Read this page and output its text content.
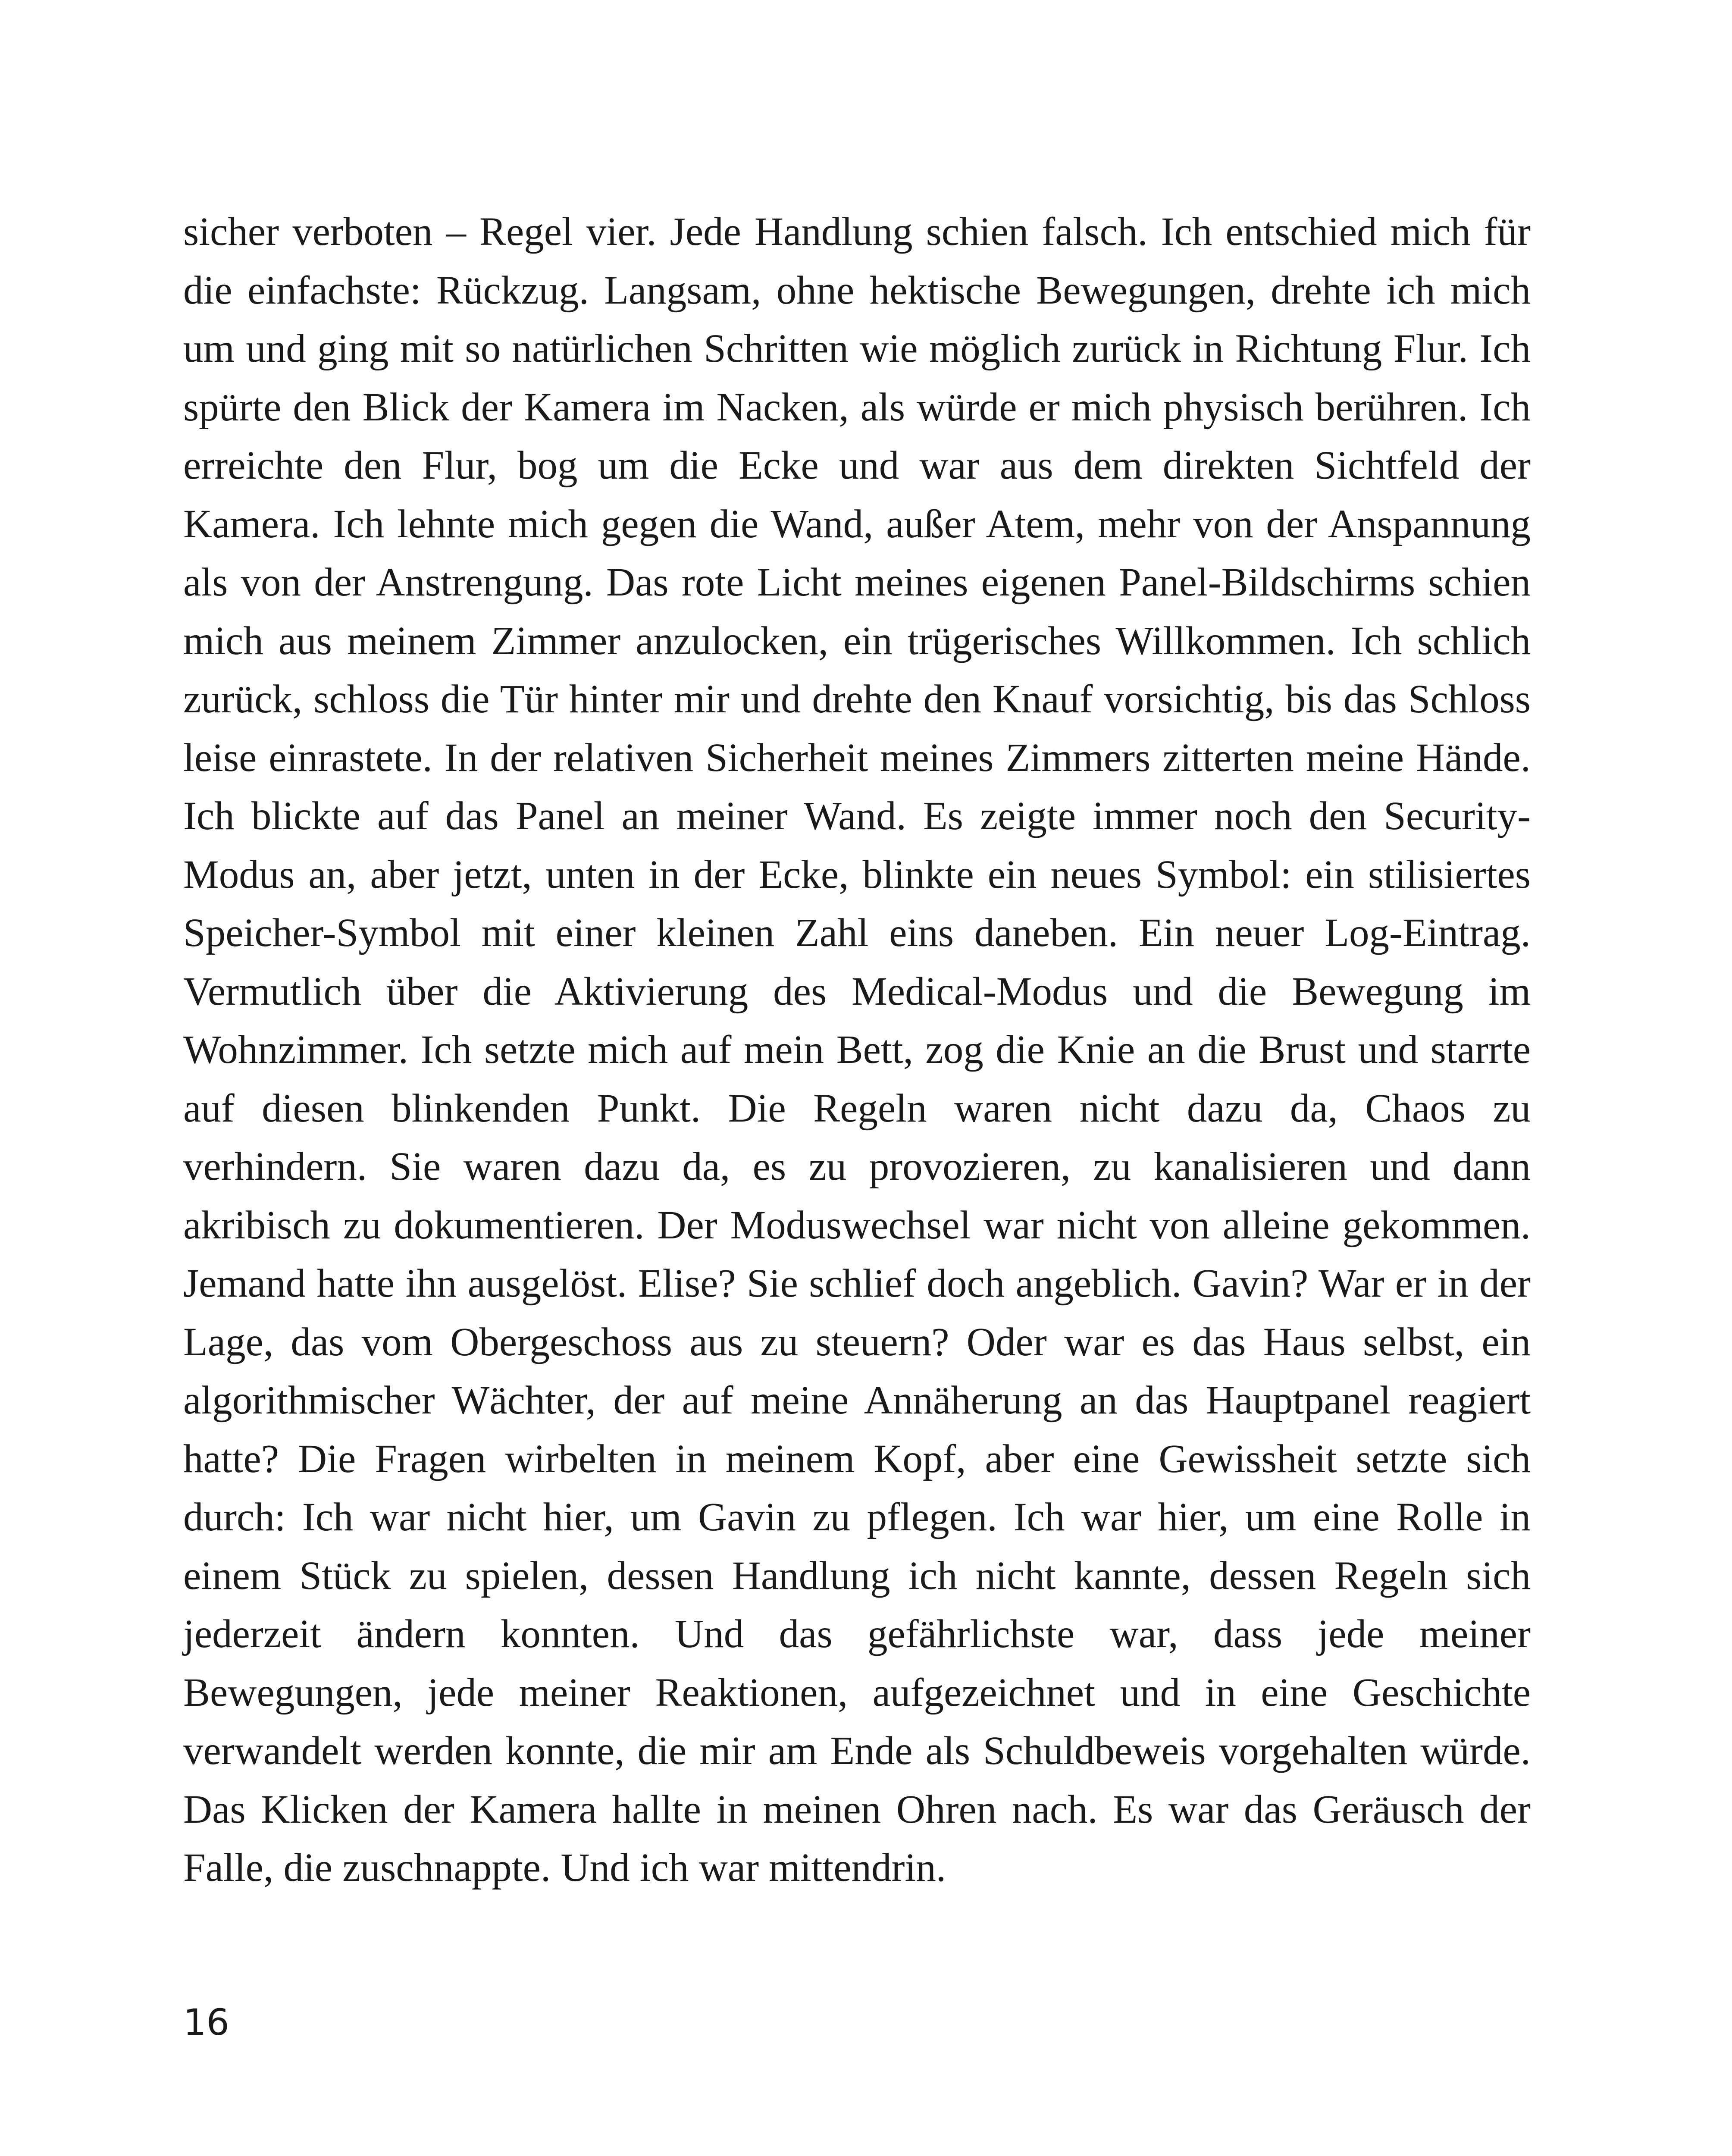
sicher verboten – Regel vier. Jede Handlung schien falsch. Ich entschied mich für die einfachste: Rückzug. Langsam, ohne hektische Bewegungen, drehte ich mich um und ging mit so natürlichen Schritten wie möglich zurück in Richtung Flur. Ich spürte den Blick der Kamera im Nacken, als würde er mich physisch berühren. Ich erreichte den Flur, bog um die Ecke und war aus dem direkten Sichtfeld der Kamera. Ich lehnte mich gegen die Wand, außer Atem, mehr von der Anspannung als von der Anstrengung. Das rote Licht meines eigenen Panel-Bildschirms schien mich aus meinem Zimmer anzulocken, ein trügerisches Willkommen. Ich schlich zurück, schloss die Tür hinter mir und drehte den Knauf vorsichtig, bis das Schloss leise einrastete. In der relativen Sicherheit meines Zimmers zitterten meine Hände. Ich blickte auf das Panel an meiner Wand. Es zeigte immer noch den Security-Modus an, aber jetzt, unten in der Ecke, blinkte ein neues Symbol: ein stilisiertes Speicher-Symbol mit einer kleinen Zahl eins daneben. Ein neuer Log-Eintrag. Vermutlich über die Aktivierung des Medical-Modus und die Bewegung im Wohnzimmer. Ich setzte mich auf mein Bett, zog die Knie an die Brust und starrte auf diesen blinkenden Punkt. Die Regeln waren nicht dazu da, Chaos zu verhindern. Sie waren dazu da, es zu provozieren, zu kanalisieren und dann akribisch zu dokumentieren. Der Moduswechsel war nicht von alleine gekommen. Jemand hatte ihn ausgelöst. Elise? Sie schlief doch angeblich. Gavin? War er in der Lage, das vom Obergeschoss aus zu steuern? Oder war es das Haus selbst, ein algorithmischer Wächter, der auf meine Annäherung an das Hauptpanel reagiert hatte? Die Fragen wirbelten in meinem Kopf, aber eine Gewissheit setzte sich durch: Ich war nicht hier, um Gavin zu pflegen. Ich war hier, um eine Rolle in einem Stück zu spielen, dessen Handlung ich nicht kannte, dessen Regeln sich jederzeit ändern konnten. Und das gefährlichste war, dass jede meiner Bewegungen, jede meiner Reaktionen, aufgezeichnet und in eine Geschichte verwandelt werden konnte, die mir am Ende als Schuldbeweis vorgehalten würde. Das Klicken der Kamera hallte in meinen Ohren nach. Es war das Geräusch der Falle, die zuschnappte. Und ich war mittendrin.

16
